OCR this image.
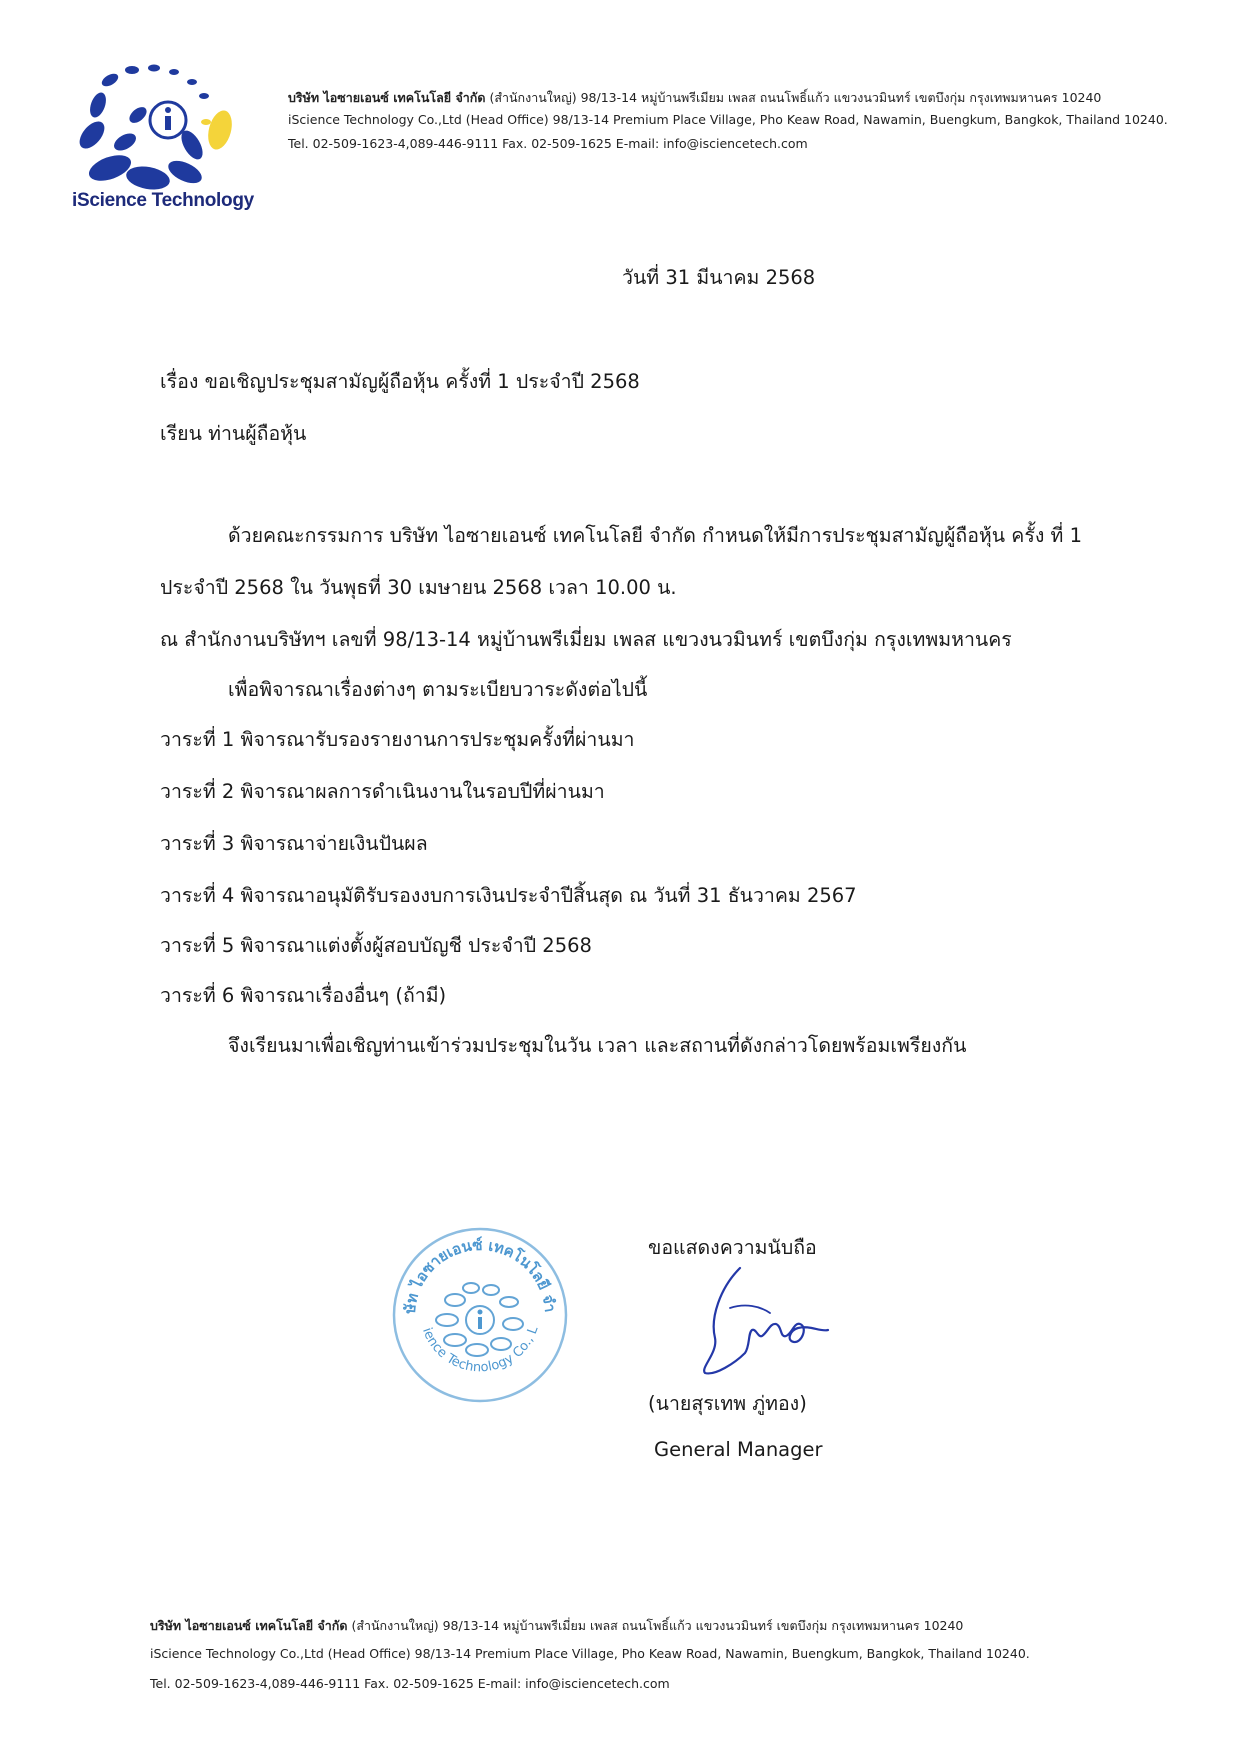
iScience Technology
บริษัท ไอซายเอนซ์ เทคโนโลยี จำกัด (สำนักงานใหญ่) 98/13-14 หมู่บ้านพรีเมียม เพลส ถนนโพธิ์แก้ว แขวงนวมินทร์ เขตบึงกุ่ม กรุงเทพมหานคร 10240
iScience Technology Co.,Ltd (Head Office) 98/13-14 Premium Place Village, Pho Keaw Road, Nawamin, Buengkum, Bangkok, Thailand 10240.
Tel. 02-509-1623-4,089-446-9111 Fax. 02-509-1625 E-mail: info@isciencetech.com
วันที่ 31 มีนาคม 2568
เรื่อง ขอเชิญประชุมสามัญผู้ถือหุ้น ครั้งที่ 1 ประจำปี 2568
เรียน ท่านผู้ถือหุ้น
ด้วยคณะกรรมการ บริษัท ไอซายเอนซ์ เทคโนโลยี จำกัด กำหนดให้มีการประชุมสามัญผู้ถือหุ้น ครั้ง ที่ 1
ประจำปี 2568 ใน วันพุธที่ 30 เมษายน 2568 เวลา 10.00 น.
ณ สำนักงานบริษัทฯ เลขที่ 98/13-14 หมู่บ้านพรีเมี่ยม เพลส แขวงนวมินทร์ เขตบึงกุ่ม กรุงเทพมหานคร
เพื่อพิจารณาเรื่องต่างๆ ตามระเบียบวาระดังต่อไปนี้
วาระที่ 1 พิจารณารับรองรายงานการประชุมครั้งที่ผ่านมา
วาระที่ 2 พิจารณาผลการดำเนินงานในรอบปีที่ผ่านมา
วาระที่ 3 พิจารณาจ่ายเงินปันผล
วาระที่ 4 พิจารณาอนุมัติรับรองงบการเงินประจำปีสิ้นสุด ณ วันที่ 31 ธันวาคม 2567
วาระที่ 5 พิจารณาแต่งตั้งผู้สอบบัญชี ประจำปี 2568
วาระที่ 6 พิจารณาเรื่องอื่นๆ (ถ้ามี)
จึงเรียนมาเพื่อเชิญท่านเข้าร่วมประชุมในวัน เวลา และสถานที่ดังกล่าวโดยพร้อมเพรียงกัน
ษัท ไอซายเอนซ์ เทคโนโลยี จำ
ience Technology Co., L
ขอแสดงความนับถือ
(นายสุรเทพ ภู่ทอง)
General Manager
บริษัท ไอซายเอนซ์ เทคโนโลยี จำกัด (สำนักงานใหญ่) 98/13-14 หมู่บ้านพรีเมี่ยม เพลส ถนนโพธิ์แก้ว แขวงนวมินทร์ เขตบึงกุ่ม กรุงเทพมหานคร 10240
iScience Technology Co.,Ltd (Head Office) 98/13-14 Premium Place Village, Pho Keaw Road, Nawamin, Buengkum, Bangkok, Thailand 10240.
Tel. 02-509-1623-4,089-446-9111 Fax. 02-509-1625 E-mail: info@isciencetech.com
